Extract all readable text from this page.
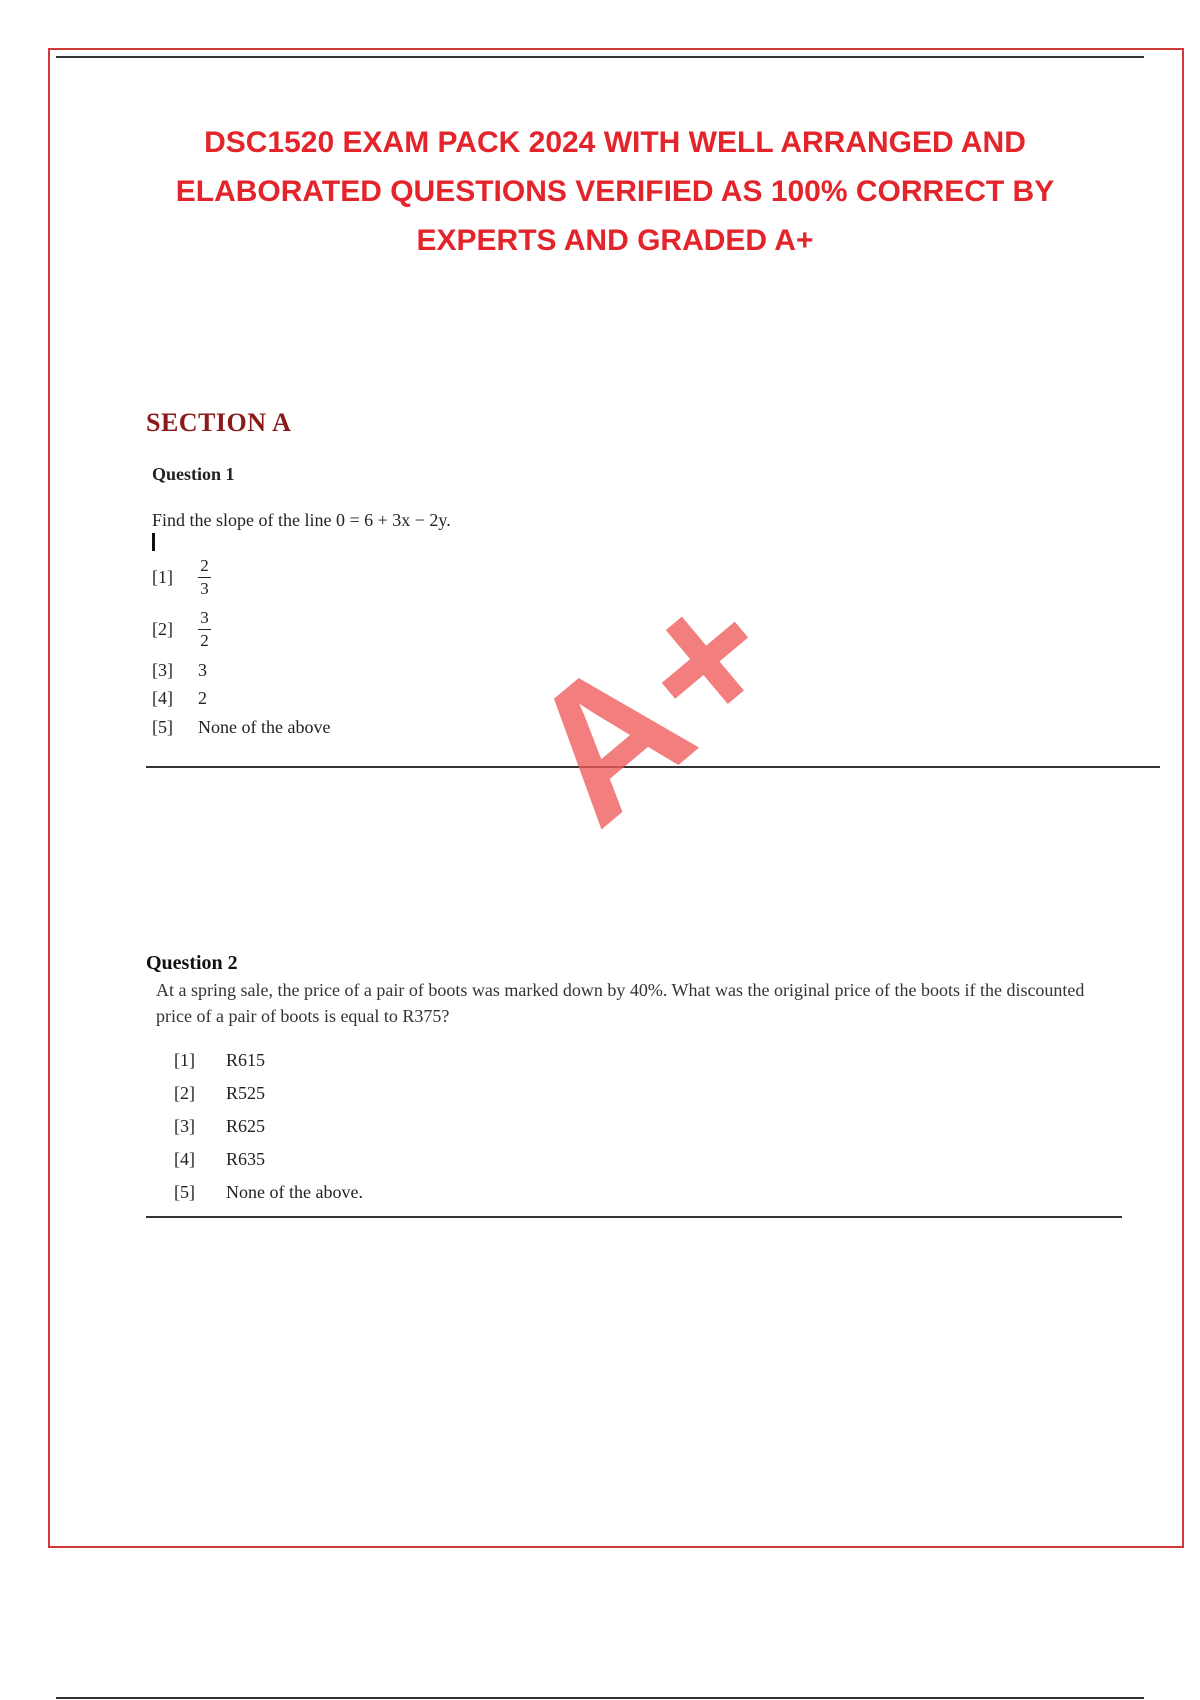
DSC1520 EXAM PACK 2024 WITH WELL ARRANGED AND
ELABORATED QUESTIONS VERIFIED AS 100% CORRECT BY
EXPERTS AND GRADED A+
SECTION A
Question 1
Find the slope of the line 0 = 6 + 3x − 2y.
[1]	$\frac{2}{3}$
[2]	$\frac{3}{2}$
[3]	3
[4]	2
[5]	None of the above A+
Question 2
At a spring sale, the price of a pair of boots was marked down by 40%. What was the original price of the boots if the discounted price of a pair of boots is equal to R375?
[1]	R615
[2]	R525
[3]	R625
[4]	R635
[5]	None of the above.
